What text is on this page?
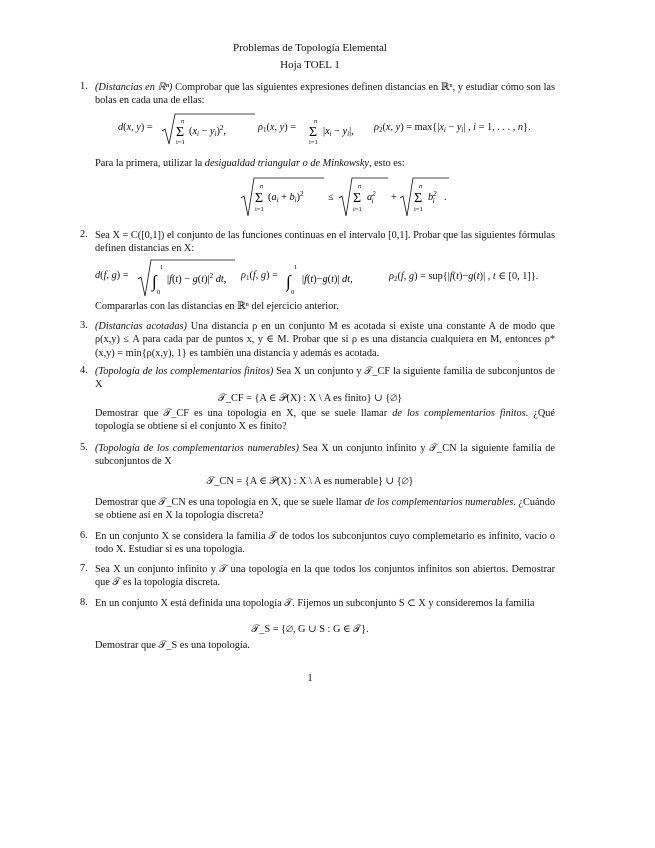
Problemas de Topología Elemental
Hoja TOEL 1
1. (Distancias en ℝⁿ) Comprobar que las siguientes expresiones definen distancias en ℝⁿ, y estudiar cómo son las bolas en cada una de ellas:
d(x, y) =
n
Σ
i=1
(xi − yi)$^2$,	$\rho_1(x$, y) =
n
Σ
i=1
|xi − yi|, $\rho_2(x$, $y) = \max\{|x_i - y_i|$ , i = 1, . . . , n}.
Para la primera, utilizar la desigualdad triangular o de Minkowsky, esto es:
n
Σ
i=1
(ai + bi)$^2$ ≤
n
Σ
i=1
$a^2$ i +
n
Σ
i=1
$b^2$ i .
2. Sea X = C([0,1]) el conjunto de las funciones continuas en el intervalo [0,1]. Probar que las siguientes fórmulas definen distancias en X:
d(f, g) = ∫
1
0
$|f(t) - g(t)|^2$ dt, $\rho_1(f$, g) = ∫
1
0
|f(t)−g(t)| dt,	$\rho_2(f$, g) = sup{|f(t)−g(t)| , t ∈ [0, 1]}.
Compararlas con las distancias en ℝⁿ del ejercicio anterior.
3. (Distancias acotadas) Una distancia ρ en un conjunto M es acotada si existe una constante A de modo que ρ(x,y) ≤ A para cada par de puntos x, y ∈ M. Probar que si ρ es una distancia cualquiera en M, entonces ρ*(x,y) = min{ρ(x,y), 1} es también una distancia y además es acotada.
4. (Topología de los complementarios finitos) Sea X un conjunto y 𝒯_CF la siguiente familia de subconjuntos de X
𝒯_CF = {A ∈ 𝒫(X) : X \ A es finito} ∪ {∅}
Demostrar que 𝒯_CF es una topología en X, que se suele llamar de los complementarios finitos. ¿Qué topología se obtiene si el conjunto X es finito?
5. (Topología de los complementarios numerables) Sea X un conjunto infinito y 𝒯_CN la siguiente familia de subconjuntos de X
𝒯_CN = {A ∈ 𝒫(X) : X \ A es numerable} ∪ {∅}
Demostrar que 𝒯_CN es una topología en X, que se suele llamar de los complementarios numerables. ¿Cuándo se obtiene así en X la topología discreta?
6. En un conjunto X se considera la familia 𝒯 de todos los subconjuntos cuyo complemetario es infinito, vacío o todo X. Estudiar si es una topología.
7. Sea X un conjunto infinito y 𝒯 una topología en la que todos los conjuntos infinitos son abiertos. Demostrar que 𝒯 es la topología discreta.
8. En un conjunto X está definida una topología 𝒯. Fijemos un subconjunto S ⊂ X y consideremos la familia
𝒯_S = {∅, G ∪ S : G ∈ 𝒯}.
Demostrar que 𝒯_S es una topología.
1
